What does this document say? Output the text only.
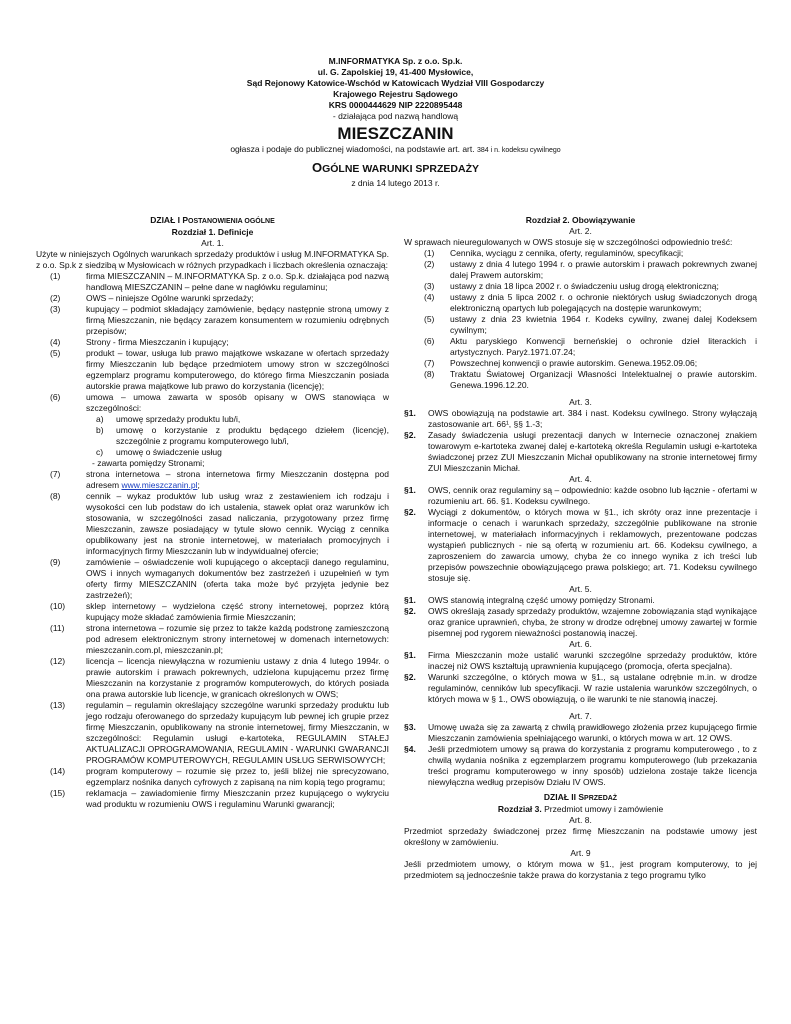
M.INFORMATYKA Sp. z o.o. Sp.k.
ul. G. Zapolskiej 19, 41-400 Mysłowice,
Sąd Rejonowy Katowice-Wschód w Katowicach Wydział VIII Gospodarczy
Krajowego Rejestru Sądowego
KRS 0000444629 NIP 2220895448
- działająca pod nazwą handlową
MIESZCZANIN
ogłasza i podaje do publicznej wiadomości, na podstawie art. art. 384 i n. kodeksu cywilnego
OGÓLNE WARUNKI SPRZEDAŻY
z dnia 14 lutego 2013 r.
DZIAŁ I POSTANOWIENIA OGÓLNE
Rozdział 1. Definicje
Art. 1.

Użyte w niniejszych Ogólnych warunkach sprzedaży produktów i usług M.INFORMATYKA Sp. z o.o. Sp.k z siedzibą w Mysłowicach w różnych przypadkach i liczbach określenia oznaczają:

(1)	firma MIESZCZANIN – M.INFORMATYKA Sp. z o.o. Sp.k. działająca pod nazwą handlową MIESZCZANIN – pełne dane w nagłówku regulaminu;
(2)	OWS – niniejsze Ogólne warunki sprzedaży;
(3)	kupujący – podmiot składający zamówienie, będący następnie stroną umowy z firmą Mieszczanin, nie będący zarazem konsumentem w rozumieniu odrębnych przepisów;
(4)	Strony - firma Mieszczanin i kupujący;
(5)	produkt – towar, usługa lub prawo majątkowe wskazane w ofertach sprzedaży firmy Mieszczanin lub będące przedmiotem umowy stron w szczególności egzemplarz programu komputerowego, do którego firma Mieszczanin posiada autorskie prawa majątkowe lub prawo do korzystania (licencję);
(6)	umowa – umowa zawarta w sposób opisany w OWS stanowiąca w szczególności:
a)	umowę sprzedaży produktu lub/i,
b)	umowę o korzystanie z produktu będącego dziełem (licencję), szczególnie z programu komputerowego lub/i,
c)	umowę o świadczenie usług
- zawarta pomiędzy Stronami;
(7)	strona internetowa – strona internetowa firmy Mieszczanin dostępna pod adresem www.mieszczanin.pl;
(8)	cennik – wykaz produktów lub usług wraz z zestawieniem ich rodzaju i wysokości cen lub podstaw do ich ustalenia, stawek opłat oraz warunków ich stosowania, w szczególności zasad naliczania, przygotowany przez firmę Mieszczanin, zawsze posiadający w tytule słowo cennik. Wyciąg z cennika opublikowany jest na stronie internetowej, w materiałach promocyjnych i informacyjnych firmy Mieszczanin lub w indywidualnej ofercie;
(9)	zamówienie – oświadczenie woli kupującego o akceptacji danego regulaminu, OWS i innych wymaganych dokumentów bez zastrzeżeń i uzupełnień w tym oferty firmy MIESZCZANIN (oferta taka może być przyjęta jedynie bez zastrzeżeń);
(10)	sklep internetowy – wydzielona część strony internetowej, poprzez którą kupujący może składać zamówienia firmie Mieszczanin;
(11)	strona internetowa – rozumie się przez to także każdą podstronę zamieszczoną pod adresem elektronicznym strony internetowej w domenach internetowych: mieszczanin.com.pl, mieszczanin.pl;
(12)	licencja – licencja niewyłączna w rozumieniu ustawy z dnia 4 lutego 1994r. o prawie autorskim i prawach pokrewnych, udzielona kupującemu przez firmę Mieszczanin na korzystanie z programów komputerowych, do których posiada ona prawa autorskie lub licencje, w granicach określonych w OWS;
(13)	regulamin – regulamin określający szczególne warunki sprzedaży produktu lub jego rodzaju oferowanego do sprzedaży kupującym lub pewnej ich grupie przez firmę Mieszczanin, opublikowany na stronie internetowej, firmy Mieszczanin, w szczególności: Regulamin usługi e-kartoteka, REGULAMIN STAŁEJ AKTUALIZACJI OPROGRAMOWANIA, REGULAMIN - WARUNKI GWARANCJI PROGRAMÓW KOMPUTEROWYCH, REGULAMIN USŁUG SERWISOWYCH;
(14)	program komputerowy – rozumie się przez to, jeśli bliżej nie sprecyzowano, egzemplarz nośnika danych cyfrowych z zapisaną na nim kopią tego programu;
(15)	reklamacja – zawiadomienie firmy Mieszczanin przez kupującego o wykryciu wad produktu w rozumieniu OWS i regulaminu Warunki gwarancji;
Rozdział 2. Obowiązywanie
Art. 2.

W sprawach nieuregulowanych w OWS stosuje się w szczególności odpowiednio treść:

(1)	Cennika, wyciągu z cennika, oferty, regulaminów, specyfikacji;
(2)	ustawy z dnia 4 lutego 1994 r. o prawie autorskim i prawach pokrewnych zwanej dalej Prawem autorskim;
(3)	ustawy z dnia 18 lipca 2002 r. o świadczeniu usług drogą elektroniczną;
(4)	ustawy z dnia 5 lipca 2002 r. o ochronie niektórych usług świadczonych drogą elektroniczną opartych lub polegających na dostępie warunkowym;
(5)	ustawy z dnia 23 kwietnia 1964 r. Kodeks cywilny, zwanej dalej Kodeksem cywilnym;
(6)	Aktu paryskiego Konwencji berneńskiej o ochronie dzieł literackich i artystycznych. Paryż.1971.07.24;
(7)	Powszechnej konwencji o prawie autorskim. Genewa.1952.09.06;
(8)	Traktatu Światowej Organizacji Własności Intelektualnej o prawie autorskim. Genewa.1996.12.20.
Art. 3.
§1.	OWS obowiązują na podstawie art. 384 i nast. Kodeksu cywilnego. Strony wyłączają zastosowanie art. 66¹, §§ 1.-3;
§2.	Zasady świadczenia usługi prezentacji danych w Internecie oznaczonej znakiem towarowym e-kartoteka zwanej dalej e-kartoteką określa Regulamin usługi e-kartoteka świadczonej przez ZUI Mieszczanin Michał opublikowany na stronie internetowej firmy ZUI Mieszczanin Michał.
Art. 4.
§1.	OWS, cennik oraz regulaminy są – odpowiednio: każde osobno lub łącznie - ofertami w rozumieniu art. 66. §1. Kodeksu cywilnego.
§2.	Wyciągi z dokumentów, o których mowa w §1., ich skróty oraz inne prezentacje i informacje o cenach i warunkach sprzedaży, szczególnie publikowane na stronie internetowej, w materiałach informacyjnych i reklamowych, prezentowane podczas wystąpień publicznych - nie są ofertą w rozumieniu art. 66. Kodeksu cywilnego, a zaproszeniem do zawarcia umowy, chyba że co innego wynika z ich treści lub przepisów powszechnie obowiązującego prawa polskiego; art. 71. Kodeksu cywilnego stosuje się.
Art. 5.
§1.	OWS stanowią integralną część umowy pomiędzy Stronami.
§2.	OWS określają zasady sprzedaży produktów, wzajemne zobowiązania stąd wynikające oraz granice uprawnień, chyba, że strony w drodze odrębnej umowy zawartej w formie pisemnej pod rygorem nieważności postanowią inaczej.
Art. 6.
§1.	Firma Mieszczanin może ustalić warunki szczególne sprzedaży produktów, które inaczej niż OWS kształtują uprawnienia kupującego (promocja, oferta specjalna).
§2.	Warunki szczególne, o których mowa w §1., są ustalane odrębnie m.in. w drodze regulaminów, cenników lub specyfikacji. W razie ustalenia warunków szczególnych, o których mowa w § 1., OWS obowiązują, o ile warunki te nie stanowią inaczej.
Art. 7.
§3.	Umowę uważa się za zawartą z chwilą prawidłowego złożenia przez kupującego firmie Mieszczanin zamówienia spełniającego warunki, o których mowa w art. 12 OWS.
§4.	Jeśli przedmiotem umowy są prawa do korzystania z programu komputerowego , to z chwilą wydania nośnika z egzemplarzem programu komputerowego (lub przekazania treści programu komputerowego w inny sposób) udzielona zostaje także licencja niewyłączna według przepisów Działu IV OWS.
DZIAŁ II SPRZEDAŻ
Rozdział 3. Przedmiot umowy i zamówienie
Art. 8.

Przedmiot sprzedaży świadczonej przez firmę Mieszczanin na podstawie umowy jest określony w zamówieniu.

Art. 9

Jeśli przedmiotem umowy, o którym mowa w §1., jest program komputerowy, to jej przedmiotem są jednocześnie także prawa do korzystania z tego programu tylko
